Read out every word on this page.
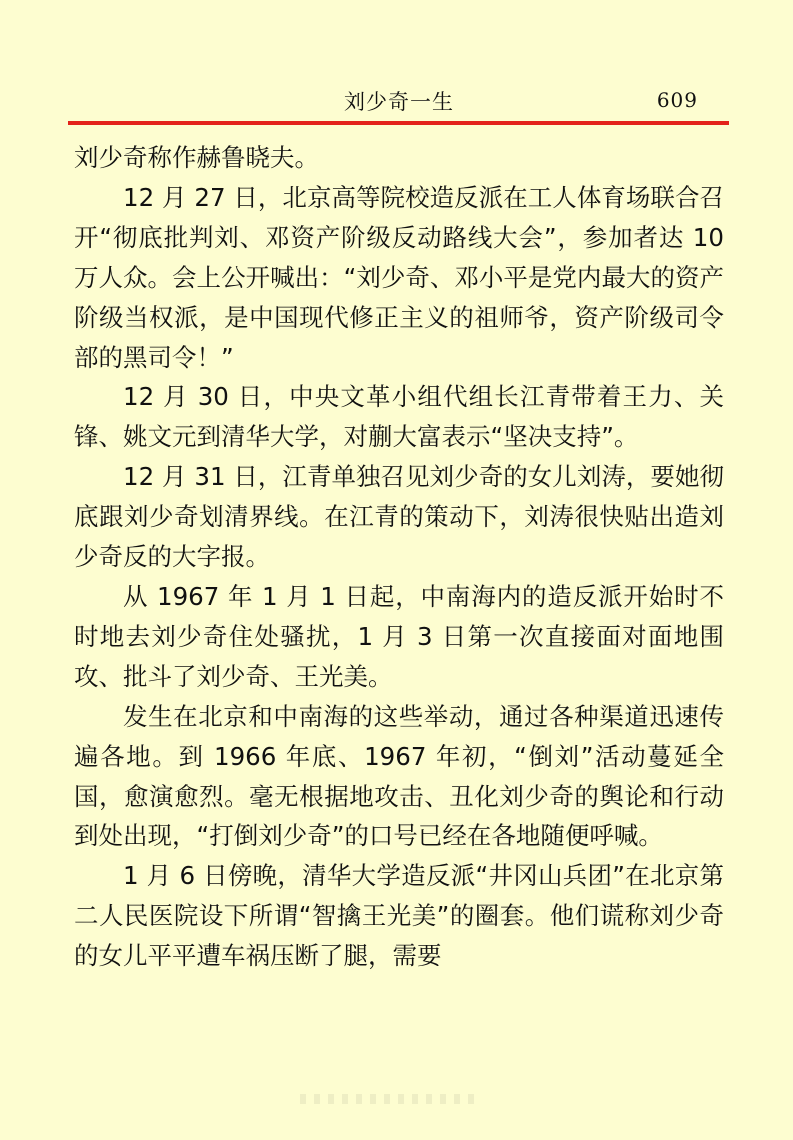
刘少奇一生	609

刘少奇称作赫鲁晓夫。

12 月 27 日，北京高等院校造反派在工人体育场联合召开“彻底批判刘、邓资产阶级反动路线大会”，参加者达 10 万人众。会上公开喊出：“刘少奇、邓小平是党内最大的资产阶级当权派，是中国现代修正主义的祖师爷，资产阶级司令部的黑司令！”

12 月 30 日，中央文革小组代组长江青带着王力、关锋、姚文元到清华大学，对蒯大富表示“坚决支持”。

12 月 31 日，江青单独召见刘少奇的女儿刘涛，要她彻底跟刘少奇划清界线。在江青的策动下，刘涛很快贴出造刘少奇反的大字报。

从 1967 年 1 月 1 日起，中南海内的造反派开始时不时地去刘少奇住处骚扰，1 月 3 日第一次直接面对面地围攻、批斗了刘少奇、王光美。

发生在北京和中南海的这些举动，通过各种渠道迅速传遍各地。到 1966 年底、1967 年初，“倒刘”活动蔓延全国，愈演愈烈。毫无根据地攻击、丑化刘少奇的舆论和行动到处出现，“打倒刘少奇”的口号已经在各地随便呼喊。

1 月 6 日傍晚，清华大学造反派“井冈山兵团”在北京第二人民医院设下所谓“智擒王光美”的圈套。他们谎称刘少奇的女儿平平遭车祸压断了腿，需要
